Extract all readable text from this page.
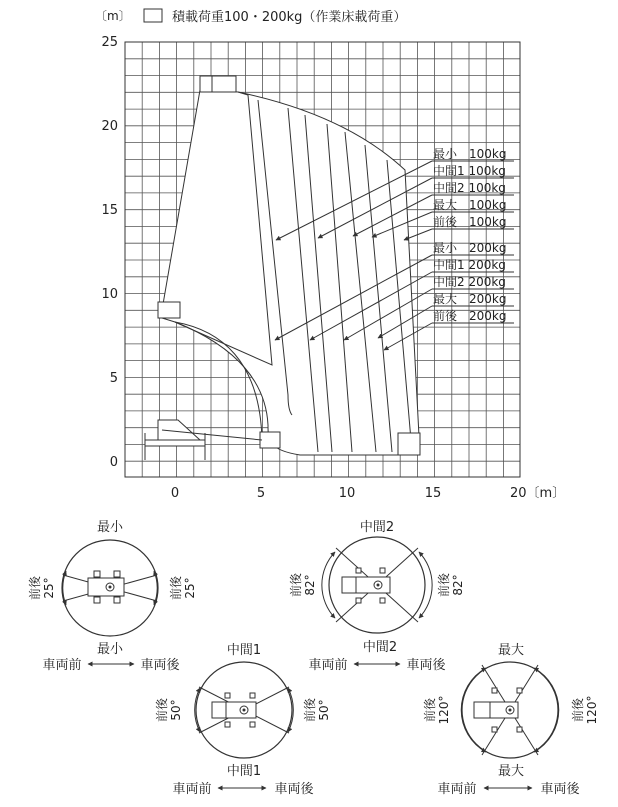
〔m〕	積載荷重100・200kg（作業床載荷重）
25
20
15
10
5
0
0	5	10	15	20〔m〕
最小　100kg
中間1 100kg
中間2 100kg
最大　100kg
前後　100kg
最小　200kg
中間1 200kg
中間2 200kg
最大　200kg
前後　200kg
最小
前後 25°	前後 25°
最小
車両前	車両後
中間2
前後 82°	前後 82°
中間2
車両前	車両後
中間1
前後 50°	前後 50°
中間1
車両前	車両後
最大
前後 120°	前後 120°
最大
車両前	車両後
